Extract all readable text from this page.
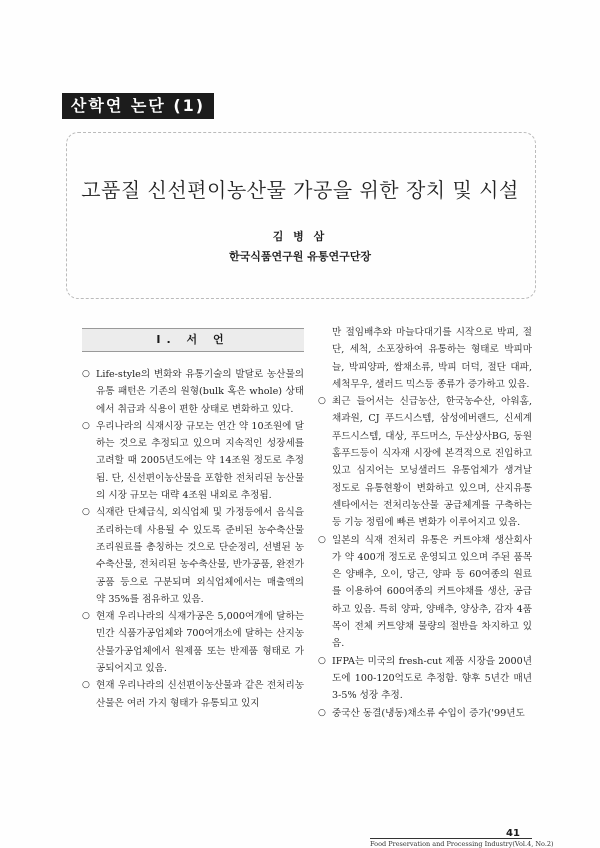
산학연 논단 (1)
고품질 신선편이농산물 가공을 위한 장치 및 시설
김 병 삼
한국식품연구원 유통연구단장
Ⅰ. 서 언
○ Life-style의 변화와 유통기술의 발달로 농산물의 유통 패턴은 기존의 원형(bulk 혹은 whole) 상태에서 취급과 식용이 편한 상태로 변화하고 있다.
○ 우리나라의 식재시장 규모는 연간 약 10조원에 달하는 것으로 추정되고 있으며 지속적인 성장세를 고려할 때 2005년도에는 약 14조원 정도로 추정됨. 단, 신선편이농산물을 포함한 전처리된 농산물의 시장 규모는 대략 4조원 내외로 추정됨.
○ 식재란 단체급식, 외식업체 및 가정등에서 음식을 조리하는데 사용될 수 있도록 준비된 농수축산물 조리원료를 총칭하는 것으로 단순정리, 선별된 농수축산물, 전처리된 농수축산물, 반가공품, 완전가공품 등으로 구분되며 외식업체에서는 매출액의 약 35%를 점유하고 있음.
○ 현재 우리나라의 식재가공은 5,000여개에 달하는 민간 식품가공업체와 700여개소에 달하는 산지농산물가공업체에서 원제품 또는 반제품 형태로 가공되어지고 있음.
○ 현재 우리나라의 신선편이농산물과 같은 전처리농산물은 여러 가지 형태가 유통되고 있지
만 절임배추와 마늘다대기를 시작으로 박피, 절단, 세척, 소포장하여 유통하는 형태로 박피마늘, 박피양파, 쌈채소류, 박피 더덕, 절단 대파, 세척무우, 샐러드 믹스등 종류가 증가하고 있음.
○ 최근 들어서는 신급농산, 한국농수산, 아워홈, 채과원, CJ 푸드시스템, 삼성에버랜드, 신세계 푸드시스템, 대상, 푸드머스, 두산상사BG, 동원홈푸드등이 식자재 시장에 본격적으로 진입하고 있고 심지어는 모닝샐러드 유통업체가 생겨날 정도로 유통현황이 변화하고 있으며, 산지유통센타에서는 전처리농산물 공급체계를 구축하는 등 기능 정립에 빠른 변화가 이루어지고 있음.
○ 일본의 식재 전처리 유통은 커트야채 생산회사가 약 400개 정도로 운영되고 있으며 주된 품목은 양배추, 오이, 당근, 양파 등 60여종의 원료를 이용하여 600여종의 커트야채를 생산, 공급하고 있음. 특히 양파, 양배추, 양상추, 감자 4품목이 전체 커트양채 물량의 절반을 차지하고 있음.
○ IFPA는 미국의 fresh-cut 제품 시장을 2000년도에 100-120억도로 추정함. 향후 5년간 매년 3-5% 성장 추정.
○ 중국산 동결(냉동)채소류 수입이 증가('99년도
41
Food Preservation and Processing Industry(Vol.4, No.2)
